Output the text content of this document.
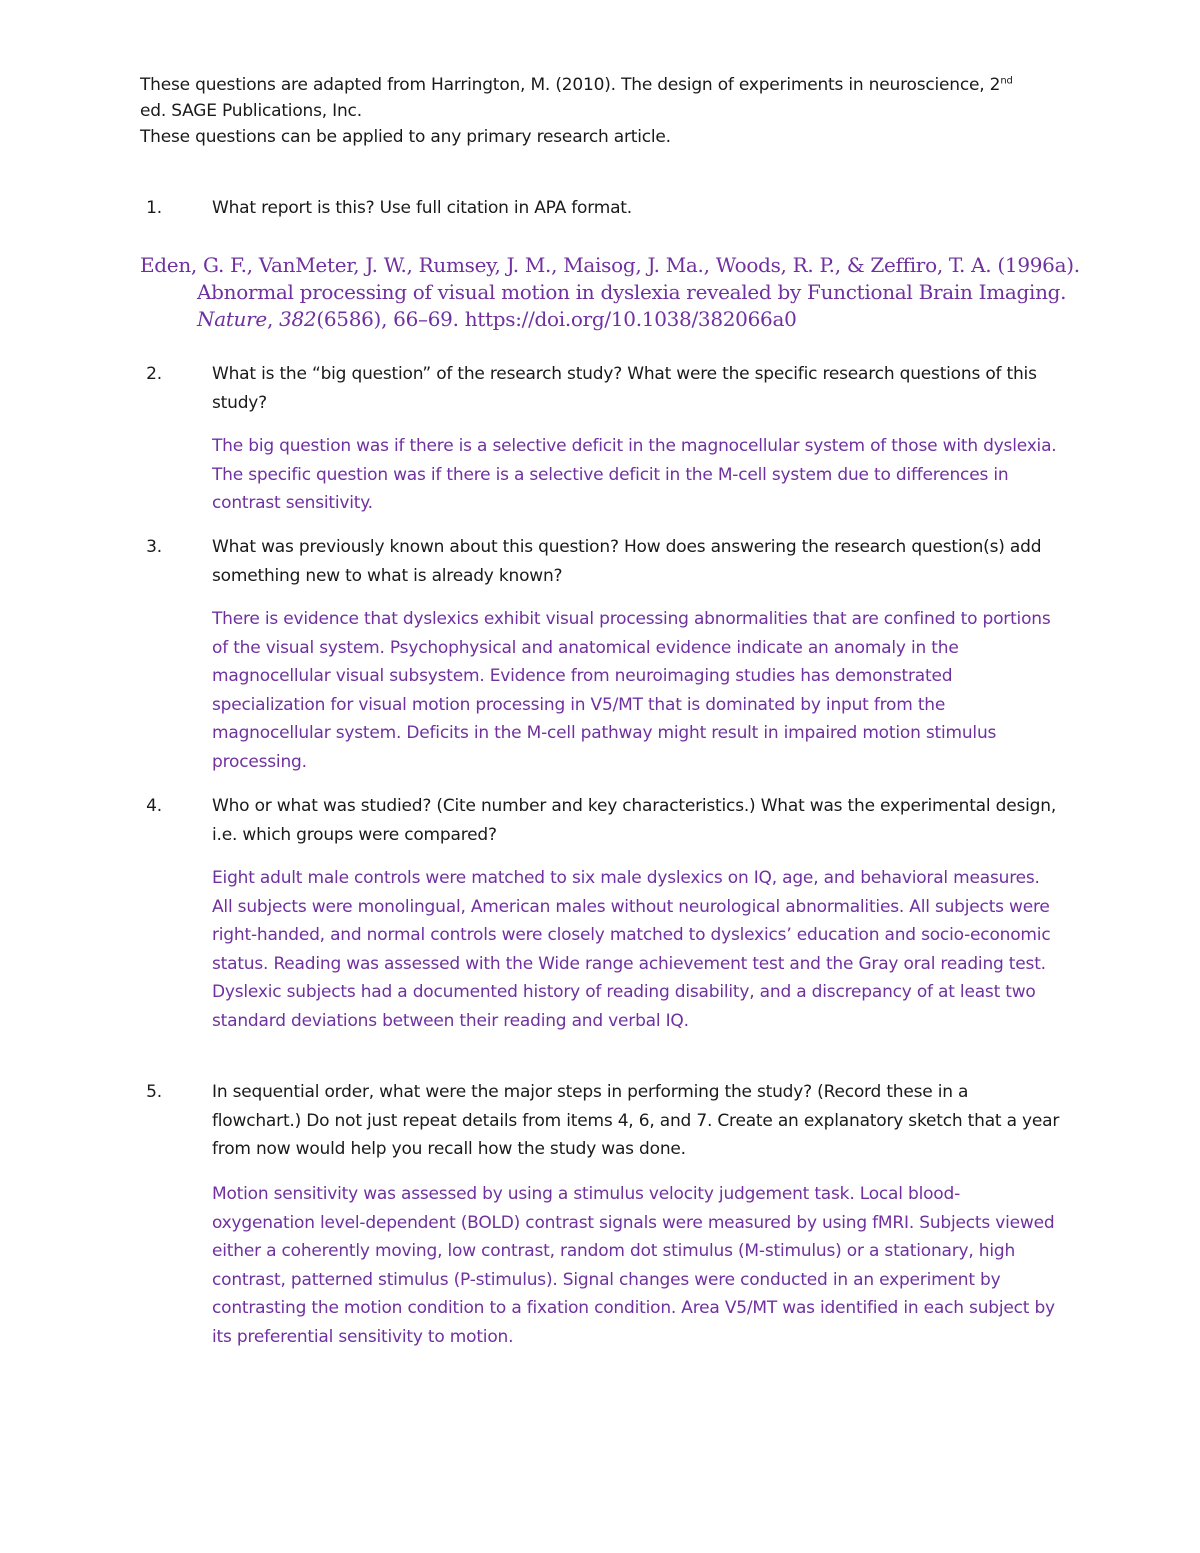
These questions are adapted from Harrington, M. (2010). The design of experiments in neuroscience, 2nd
ed. SAGE Publications, Inc.

These questions can be applied to any primary research article.

1.	What report is this? Use full citation in APA format.
Eden, G. F., VanMeter, J. W., Rumsey, J. M., Maisog, J. Ma., Woods, R. P., & Zeffiro, T. A. (1996a). Abnormal processing of visual motion in dyslexia revealed by Functional Brain Imaging. Nature, 382(6586), 66–69. https://doi.org/10.1038/382066a0
2.	What is the “big question” of the research study? What were the specific research questions of this study?
The big question was if there is a selective deficit in the magnocellular system of those with dyslexia. The specific question was if there is a selective deficit in the M-cell system due to differences in contrast sensitivity.
3.	What was previously known about this question? How does answering the research question(s) add something new to what is already known?
There is evidence that dyslexics exhibit visual processing abnormalities that are confined to portions of the visual system. Psychophysical and anatomical evidence indicate an anomaly in the magnocellular visual subsystem. Evidence from neuroimaging studies has demonstrated specialization for visual motion processing in V5/MT that is dominated by input from the magnocellular system. Deficits in the M-cell pathway might result in impaired motion stimulus processing.
4.	Who or what was studied? (Cite number and key characteristics.) What was the experimental design, i.e. which groups were compared?
Eight adult male controls were matched to six male dyslexics on IQ, age, and behavioral measures. All subjects were monolingual, American males without neurological abnormalities. All subjects were right-handed, and normal controls were closely matched to dyslexics’ education and socio-economic status. Reading was assessed with the Wide range achievement test and the Gray oral reading test. Dyslexic subjects had a documented history of reading disability, and a discrepancy of at least two standard deviations between their reading and verbal IQ.
5.	In sequential order, what were the major steps in performing the study? (Record these in a flowchart.) Do not just repeat details from items 4, 6, and 7. Create an explanatory sketch that a year from now would help you recall how the study was done.
Motion sensitivity was assessed by using a stimulus velocity judgement task. Local blood-oxygenation level-dependent (BOLD) contrast signals were measured by using fMRI. Subjects viewed either a coherently moving, low contrast, random dot stimulus (M-stimulus) or a stationary, high contrast, patterned stimulus (P-stimulus). Signal changes were conducted in an experiment by contrasting the motion condition to a fixation condition. Area V5/MT was identified in each subject by its preferential sensitivity to motion.
